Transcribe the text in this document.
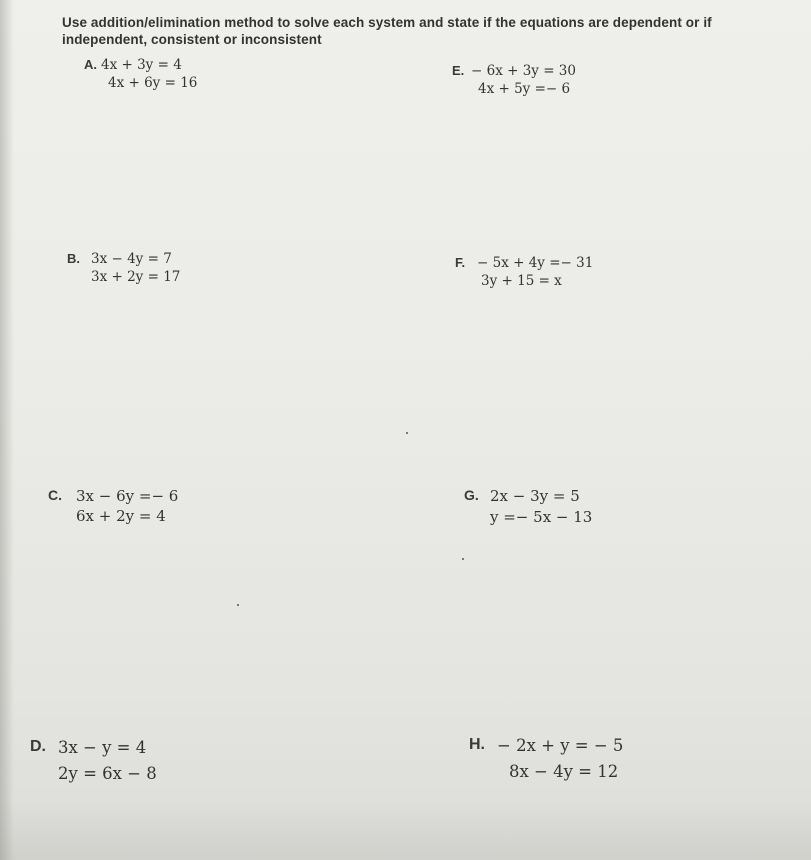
Use addition/elimination method to solve each system and state if the equations are dependent or if independent, consistent or inconsistent
A. 4x + 3y = 4
4x + 6y = 16
E. − 6x + 3y = 30
4x + 5y =− 6
B. 3x − 4y = 7
3x + 2y = 17
F. − 5x + 4y =− 31
3y + 15 = x
C. 3x − 6y =− 6
6x + 2y = 4
G. 2x − 3y = 5
y =− 5x − 13
D. 3x − y = 4
2y = 6x − 8
H. − 2x + y = − 5
8x − 4y = 12
